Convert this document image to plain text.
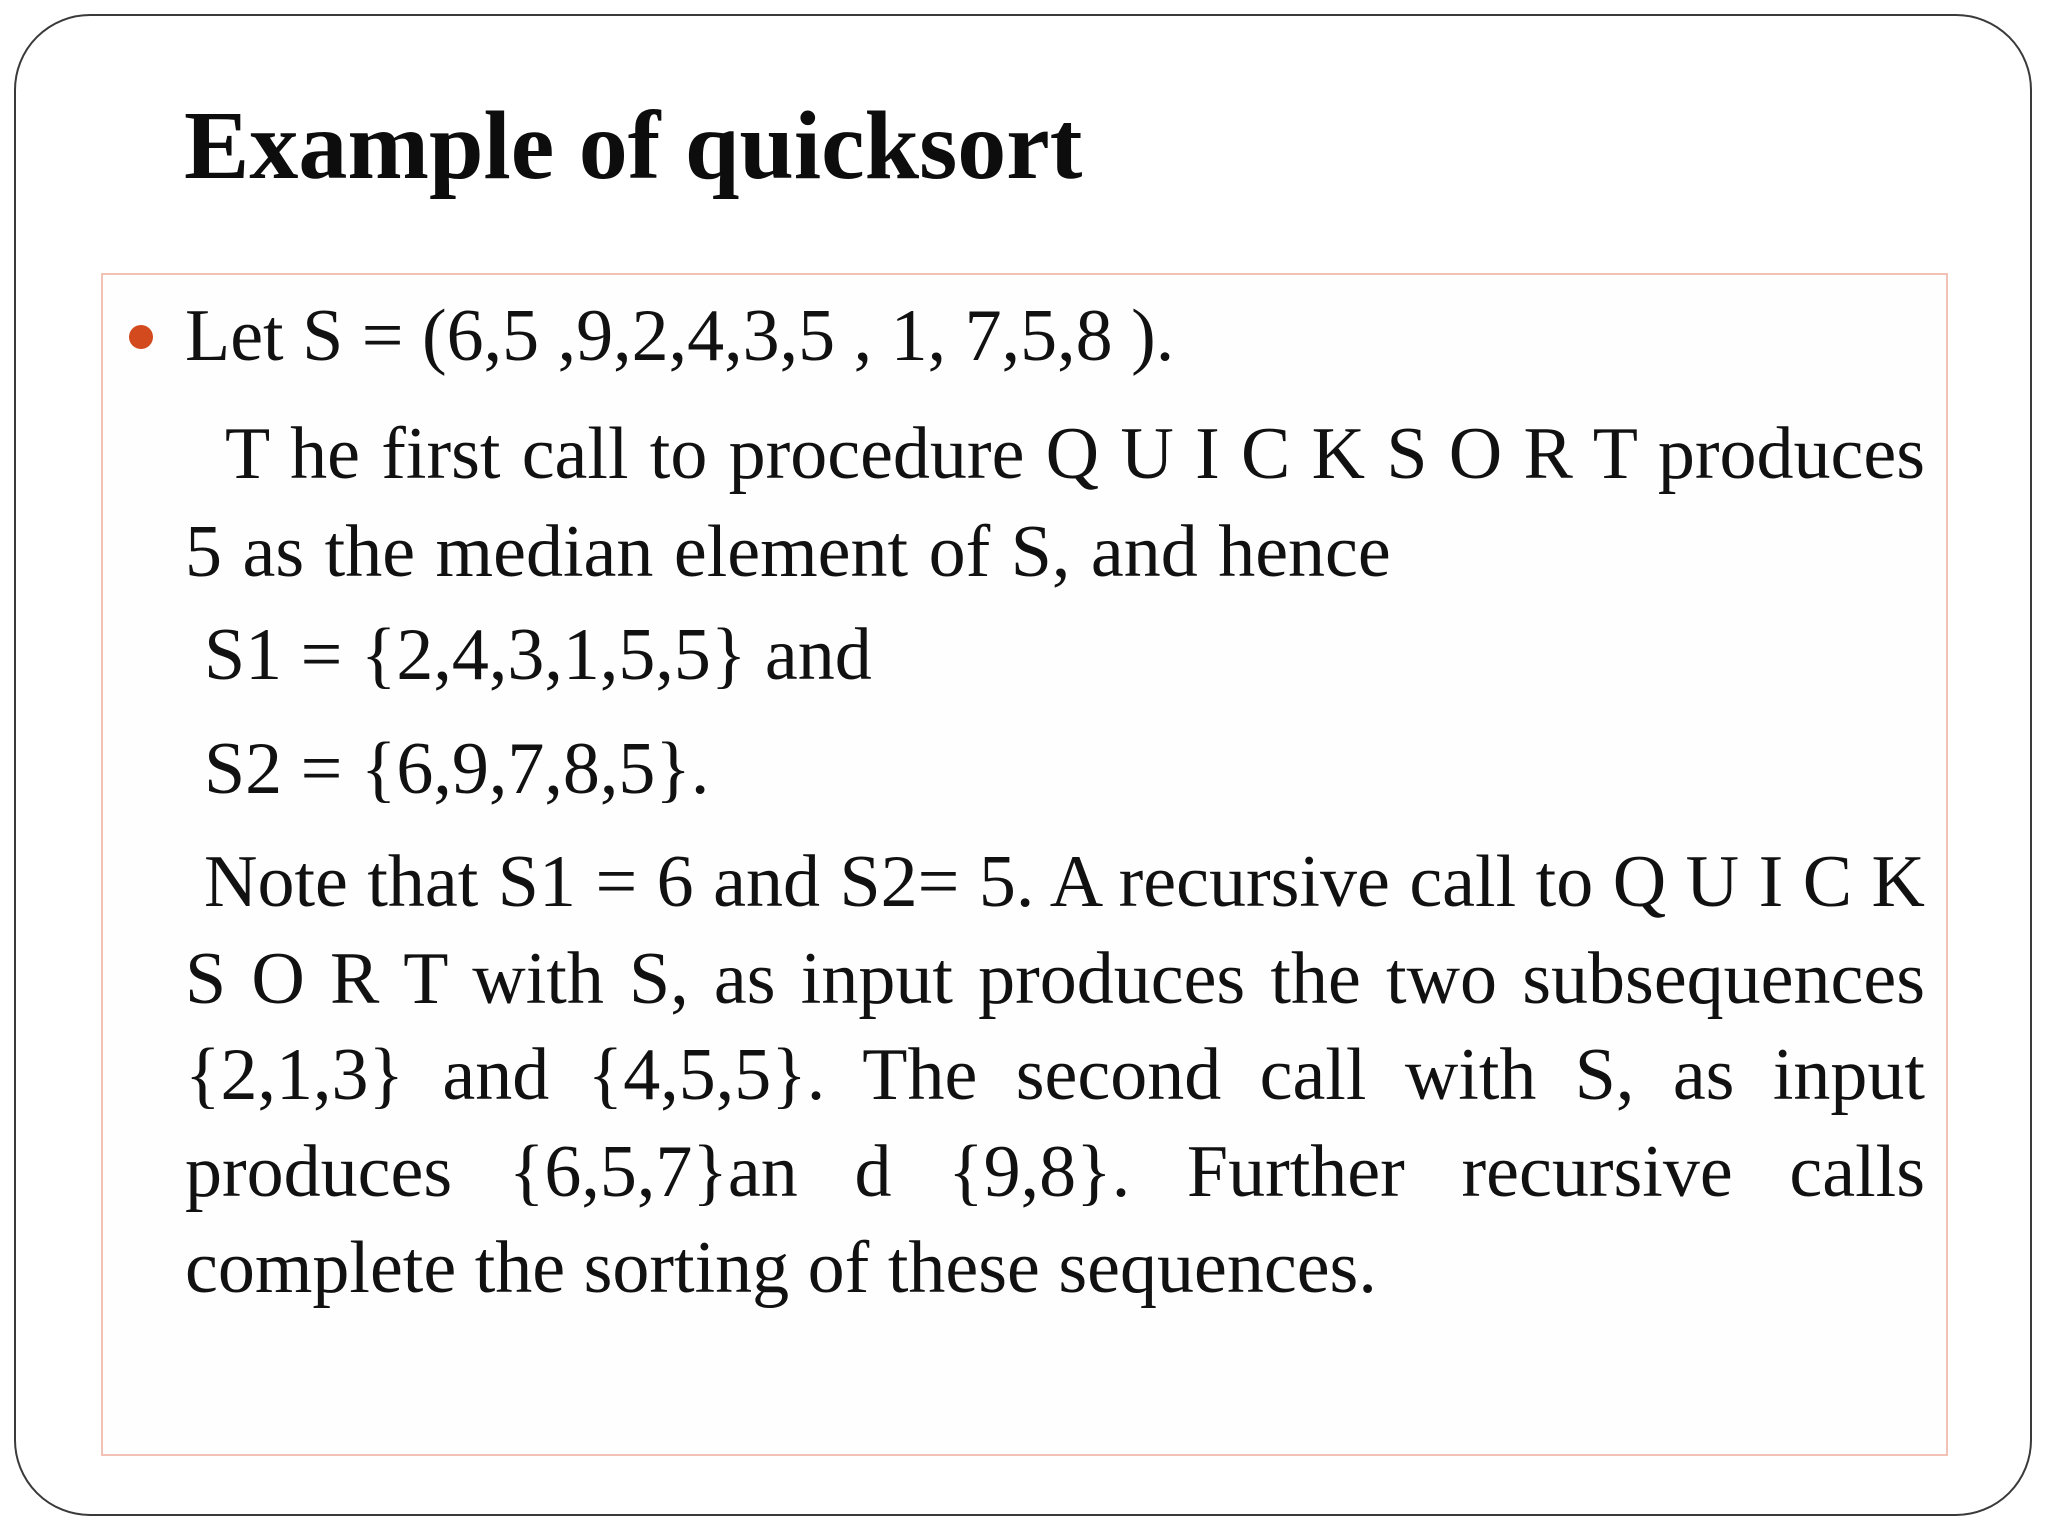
Example of quicksort

Let S = (6,5 ,9,2,4,3,5 , 1, 7,5,8 ).

T he first call to procedure Q U I C K S O R T produces 5 as the median element of S, and hence

S1 = {2,4,3,1,5,5} and

S2 = {6,9,7,8,5}.

Note that S1 = 6 and S2= 5. A recursive call to Q U I C K S O R T with S, as input produces the two subsequences {2,1,3} and {4,5,5}. The second call with S, as input produces {6,5,7}an d {9,8}. Further recursive calls complete the sorting of these sequences.
